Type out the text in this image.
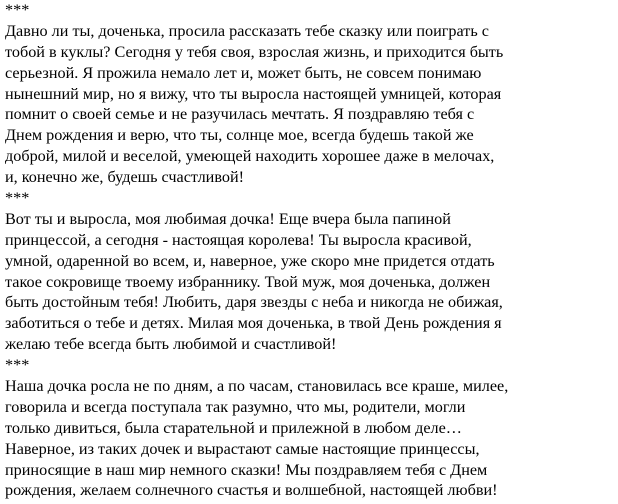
***
Давно ли ты, доченька, просила рассказать тебе сказку или поиграть с
тобой в куклы? Сегодня у тебя своя, взрослая жизнь, и приходится быть
серьезной. Я прожила немало лет и, может быть, не совсем понимаю
нынешний мир, но я вижу, что ты выросла настоящей умницей, которая
помнит о своей семье и не разучилась мечтать. Я поздравляю тебя с
Днем рождения и верю, что ты, солнце мое, всегда будешь такой же
доброй, милой и веселой, умеющей находить хорошее даже в мелочах,
и, конечно же, будешь счастливой!
***
Вот ты и выросла, моя любимая дочка! Еще вчера была папиной
принцессой, а сегодня - настоящая королева! Ты выросла красивой,
умной, одаренной во всем, и, наверное, уже скоро мне придется отдать
такое сокровище твоему избраннику. Твой муж, моя доченька, должен
быть достойным тебя! Любить, даря звезды с неба и никогда не обижая,
заботиться о тебе и детях. Милая моя доченька, в твой День рождения я
желаю тебе всегда быть любимой и счастливой!
***
Наша дочка росла не по дням, а по часам, становилась все краше, милее,
говорила и всегда поступала так разумно, что мы, родители, могли
только дивиться, была старательной и прилежной в любом деле…
Наверное, из таких дочек и вырастают самые настоящие принцессы,
приносящие в наш мир немного сказки! Мы поздравляем тебя с Днем
рождения, желаем солнечного счастья и волшебной, настоящей любви!
